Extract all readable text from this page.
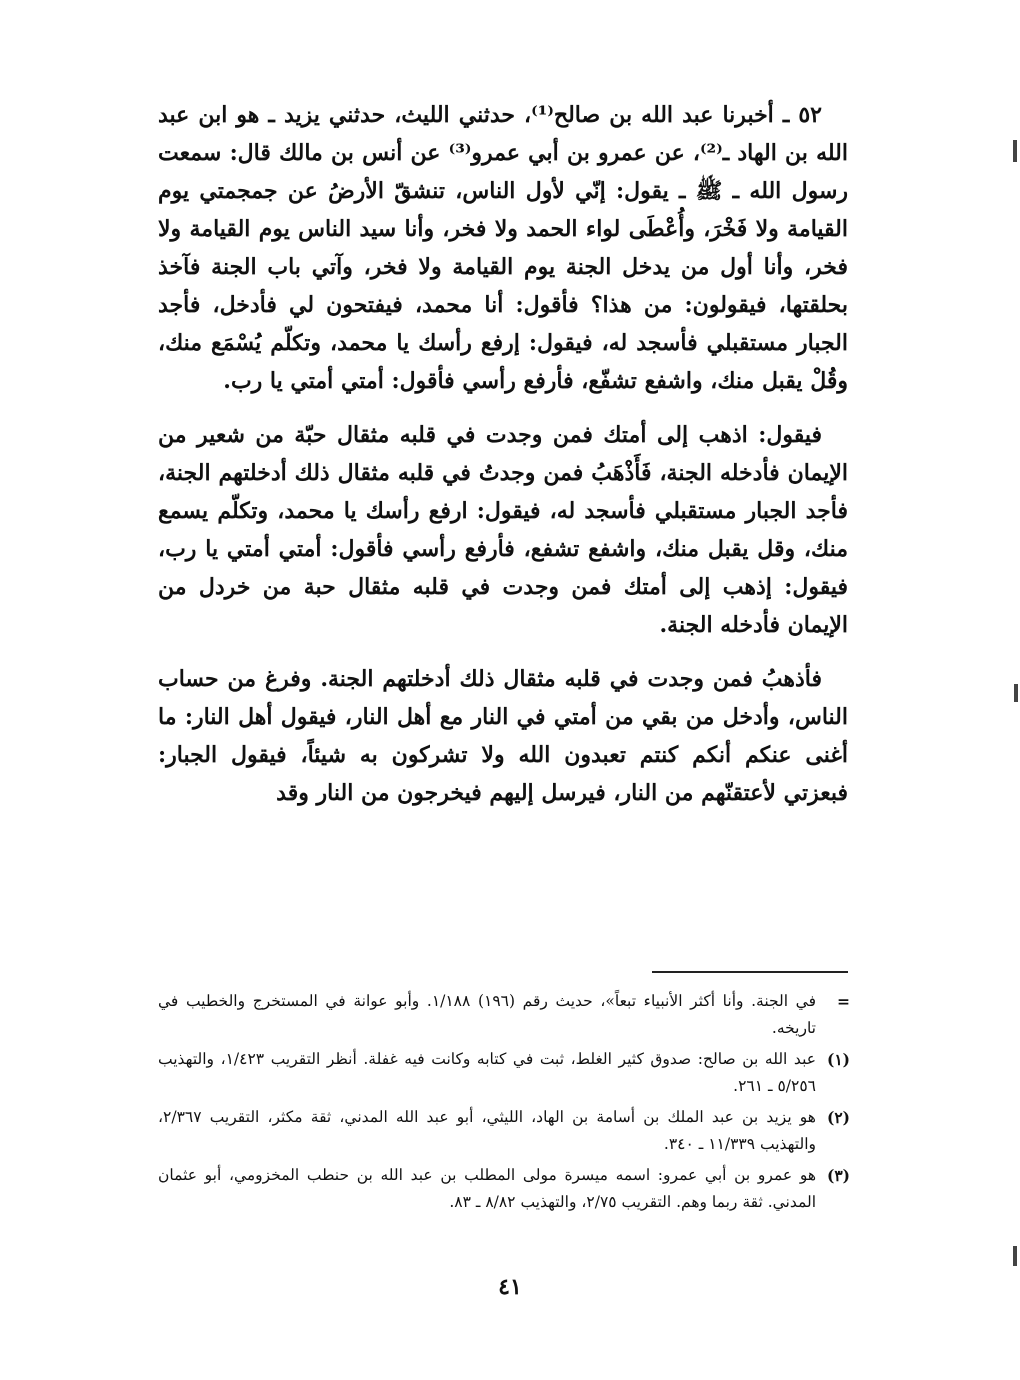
٥٢ ـ أخبرنا عبد الله بن صالح⁽¹⁾، حدثني الليث، حدثني يزيد ـ هو ابن عبد الله بن الهاد ـ⁽²⁾، عن عمرو بن أبي عمرو⁽³⁾ عن أنس بن مالك قال: سمعت رسول الله ـ ﷺ ـ يقول: إنّي لأول الناس، تنشقّ الأرضُ عن جمجمتي يوم القيامة ولا فَخْرَ، وأُعْطَى لواء الحمد ولا فخر، وأنا سيد الناس يوم القيامة ولا فخر، وأنا أول من يدخل الجنة يوم القيامة ولا فخر، وآتي باب الجنة فآخذ بحلقتها، فيقولون: من هذا؟ فأقول: أنا محمد، فيفتحون لي فأدخل، فأجد الجبار مستقبلي فأسجد له، فيقول: إرفع رأسك يا محمد، وتكلّم يُسْمَع منك، وقُلْ يقبل منك، واشفع تشفّع، فأرفع رأسي فأقول: أمتي أمتي يا رب.

فيقول: اذهب إلى أمتك فمن وجدت في قلبه مثقال حبّة من شعير من الإيمان فأدخله الجنة، فَأَذْهَبُ فمن وجدتُ في قلبه مثقال ذلك أدخلتهم الجنة، فأجد الجبار مستقبلي فأسجد له، فيقول: ارفع رأسك يا محمد، وتكلّم يسمع منك، وقل يقبل منك، واشفع تشفع، فأرفع رأسي فأقول: أمتي أمتي يا رب، فيقول: إذهب إلى أمتك فمن وجدت في قلبه مثقال حبة من خردل من الإيمان فأدخله الجنة.

فأذهبُ فمن وجدت في قلبه مثقال ذلك أدخلتهم الجنة. وفرغ من حساب الناس، وأدخل من بقي من أمتي في النار مع أهل النار، فيقول أهل النار: ما أغنى عنكم أنكم كنتم تعبدون الله ولا تشركون به شيئاً، فيقول الجبار: فبعزتي لأعتقنّهم من النار، فيرسل إليهم فيخرجون من النار وقد

=
في الجنة. وأنا أكثر الأنبياء تبعاً»، حديث رقم (١٩٦) ١/١٨٨. وأبو عوانة في المستخرج والخطيب في تاريخه.
(١)
عبد الله بن صالح: صدوق كثير الغلط، ثبت في كتابه وكانت فيه غفلة. أنظر التقريب ١/٤٢٣، والتهذيب ٥/٢٥٦ ـ ٢٦١.
(٢)
هو يزيد بن عبد الملك بن أسامة بن الهاد، الليثي، أبو عبد الله المدني، ثقة مكثر، التقريب ٢/٣٦٧، والتهذيب ١١/٣٣٩ ـ ٣٤٠.
(٣)
هو عمرو بن أبي عمرو: اسمه ميسرة مولى المطلب بن عبد الله بن حنطب المخزومي، أبو عثمان المدني. ثقة ربما وهم. التقريب ٢/٧٥، والتهذيب ٨/٨٢ ـ ٨٣.
٤١
